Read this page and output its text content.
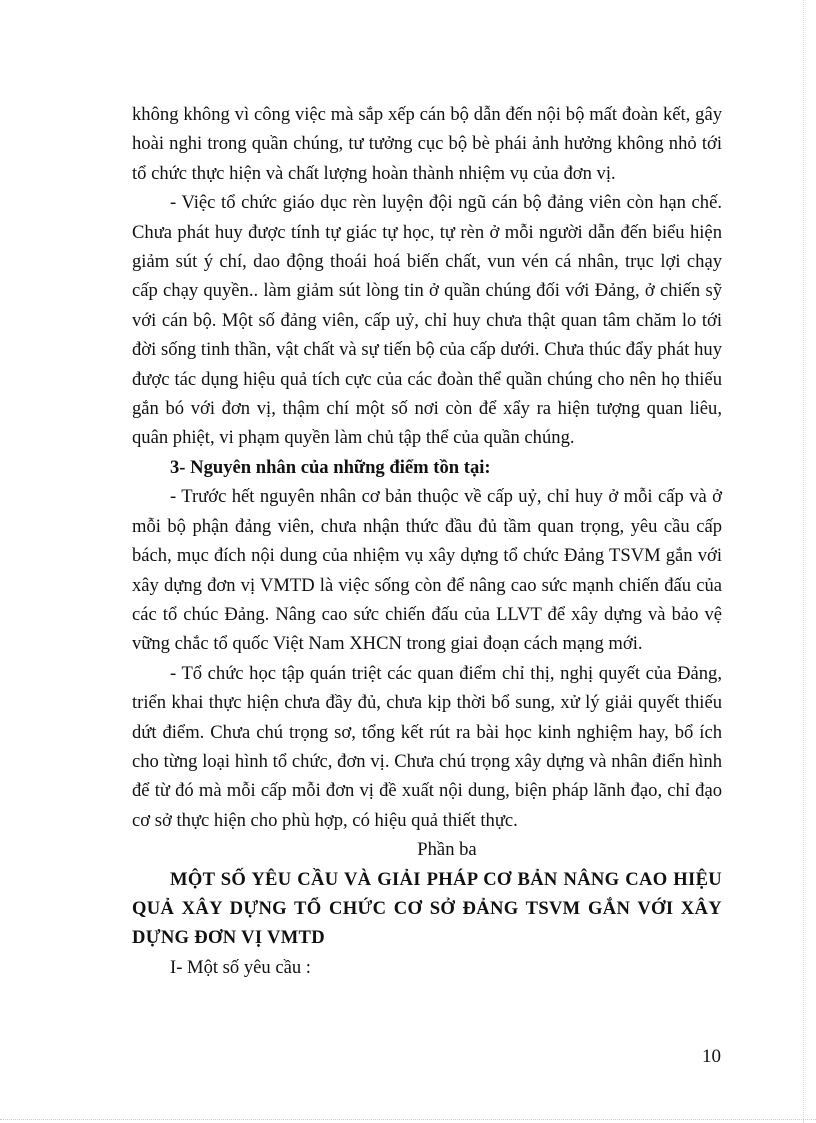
không không vì công việc mà sắp xếp cán bộ dẫn đến nội bộ mất đoàn kết, gây hoài nghi trong quần chúng, tư tưởng cục bộ bè phái ảnh hưởng không nhỏ tới tổ chức thực hiện và chất lượng hoàn thành nhiệm vụ của đơn vị.

- Việc tổ chức giáo dục rèn luyện đội ngũ cán bộ đảng viên còn hạn chế. Chưa phát huy được tính tự giác tự học, tự rèn ở mỗi người dẫn đến biểu hiện giảm sút ý chí, dao động thoái hoá biến chất, vun vén cá nhân, trục lợi chạy cấp chạy quyền.. làm giảm sút lòng tin ở quần chúng đối với Đảng, ở chiến sỹ với cán bộ. Một số đảng viên, cấp uỷ, chỉ huy chưa thật quan tâm chăm lo tới đời sống tinh thần, vật chất và sự tiến bộ của cấp dưới. Chưa thúc đẩy phát huy được tác dụng hiệu quả tích cực của các đoàn thể quần chúng cho nên họ thiếu gắn bó với đơn vị, thậm chí một số nơi còn để xẩy ra hiện tượng quan liêu, quân phiệt, vi phạm quyền làm chủ tập thể của quần chúng.

3- Nguyên nhân của những điểm tồn tại:

- Trước hết nguyên nhân cơ bản thuộc về cấp uỷ, chỉ huy ở mỗi cấp và ở mỗi bộ phận đảng viên, chưa nhận thức đầu đủ tầm quan trọng, yêu cầu cấp bách, mục đích nội dung của nhiệm vụ xây dựng tổ chức Đảng TSVM gắn với xây dựng đơn vị VMTD là việc sống còn để nâng cao sức mạnh chiến đấu của các tổ chúc Đảng. Nâng cao sức chiến đấu của LLVT để xây dựng và bảo vệ vững chắc tổ quốc Việt Nam XHCN trong giai đoạn cách mạng mới.

- Tổ chức học tập quán triệt các quan điểm chỉ thị, nghị quyết của Đảng, triển khai thực hiện chưa đầy đủ, chưa kịp thời bổ sung, xử lý giải quyết thiếu dứt điểm. Chưa chú trọng sơ, tổng kết rút ra bài học kinh nghiệm hay, bổ ích cho từng loại hình tổ chức, đơn vị. Chưa chú trọng xây dựng và nhân điển hình để từ đó mà mỗi cấp mỗi đơn vị đề xuất nội dung, biện pháp lãnh đạo, chỉ đạo cơ sở thực hiện cho phù hợp, có hiệu quả thiết thực.

Phần ba

MỘT SỐ YÊU CẦU VÀ GIẢI PHÁP CƠ BẢN NÂNG CAO HIỆU QUẢ XÂY DỰNG TỔ CHỨC CƠ SỞ ĐẢNG TSVM GẮN VỚI XÂY DỰNG ĐƠN VỊ VMTD

I- Một số yêu cầu :

10
